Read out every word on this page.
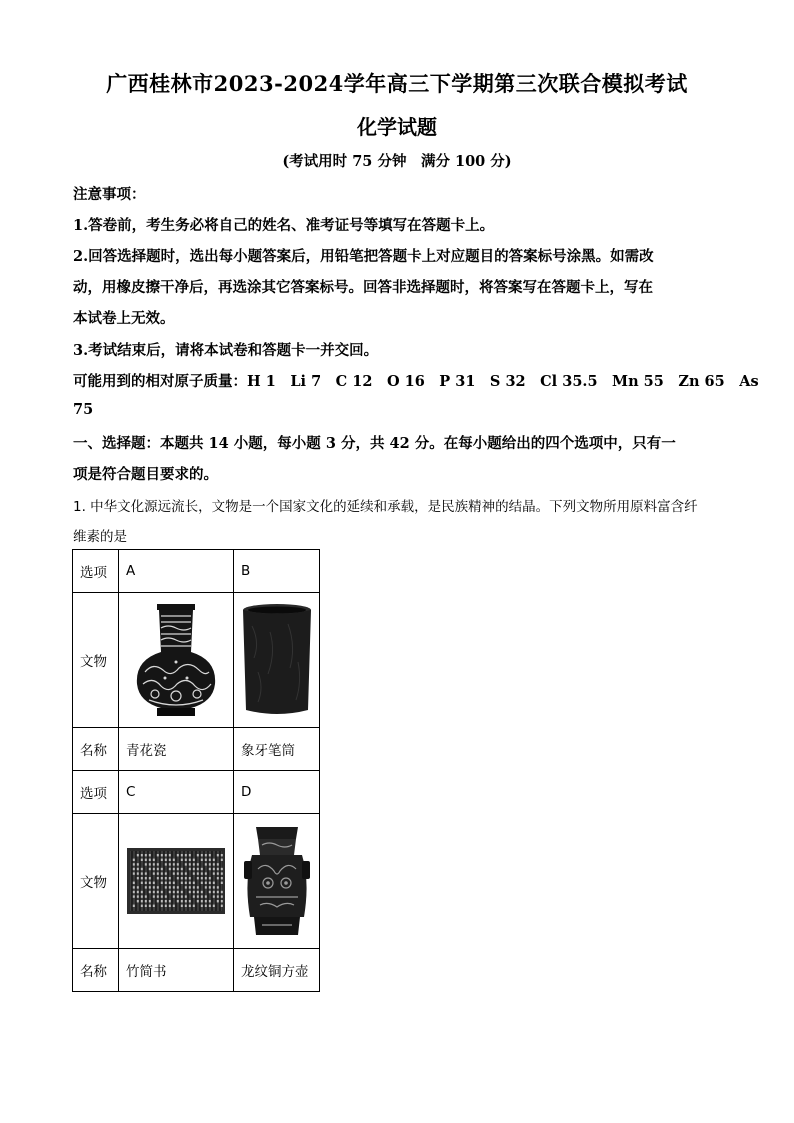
广西桂林市2023-2024学年高三下学期第三次联合模拟考试
化学试题
(考试用时 75 分钟　满分 100 分)
注意事项：
1.答卷前，考生务必将自己的姓名、准考证号等填写在答题卡上。
2.回答选择题时，选出每小题答案后，用铅笔把答题卡上对应题目的答案标号涂黑。如需改
动，用橡皮擦干净后，再选涂其它答案标号。回答非选择题时，将答案写在答题卡上，写在
本试卷上无效。
3.考试结束后，请将本试卷和答题卡一并交回。
可能用到的相对原子质量：H 1　Li 7　C 12　O 16　P 31　S 32　Cl 35.5　Mn 55　Zn 65　As
75
一、选择题：本题共 14 小题，每小题 3 分，共 42 分。在每小题给出的四个选项中，只有一
项是符合题目要求的。
1. 中华文化源远流长，文物是一个国家文化的延续和承载，是民族精神的结晶。下列文物所用原料富含纤
维素的是
选项	A	B
文物	

名称	青花瓷	象牙笔筒
选项	C	D
文物	

名称	竹简书	龙纹铜方壶
